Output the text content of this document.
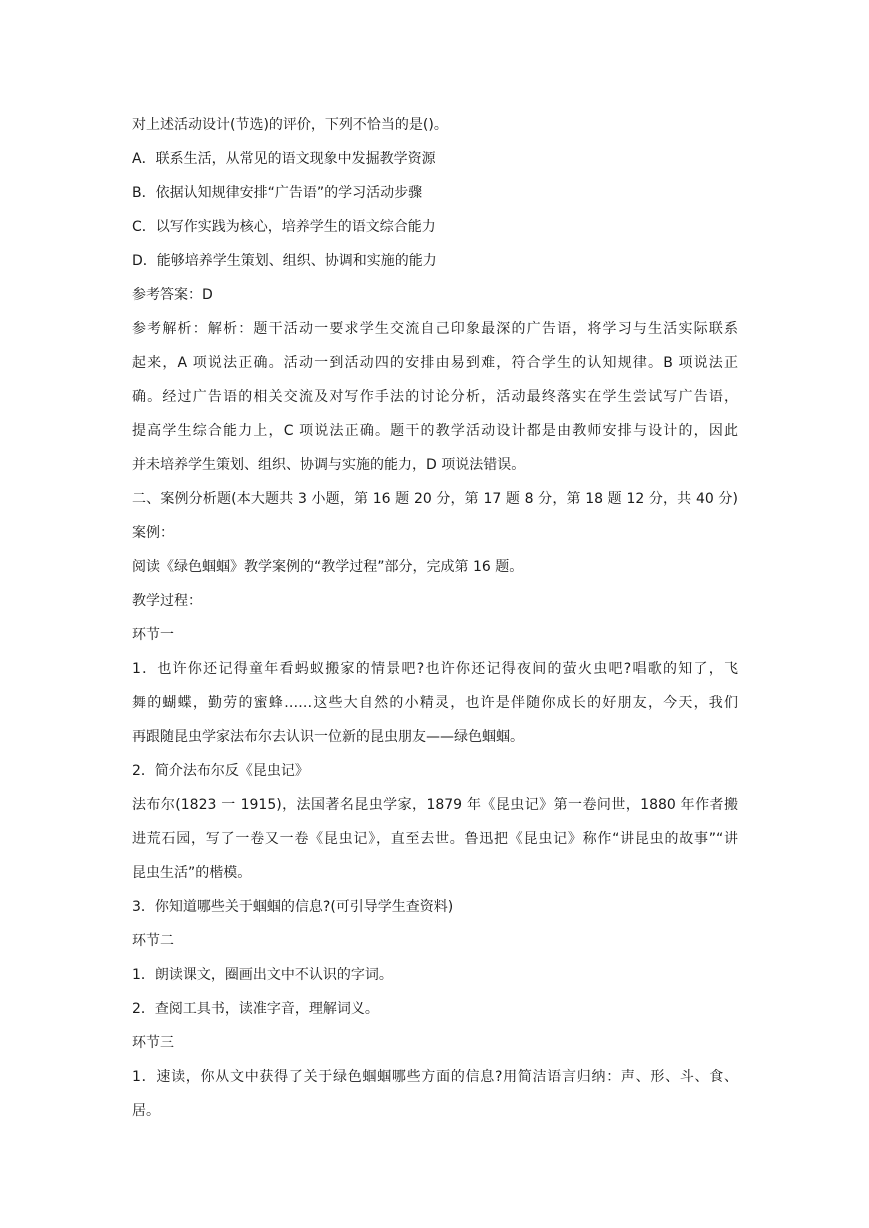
对上述活动设计(节选)的评价，下列不恰当的是()。

A．联系生活，从常见的语文现象中发掘教学资源

B．依据认知规律安排“广告语”的学习活动步骤

C．以写作实践为核心，培养学生的语文综合能力

D．能够培养学生策划、组织、协调和实施的能力

参考答案：D

参考解析：解析：题干活动一要求学生交流自己印象最深的广告语，将学习与生活实际联系

起来，A 项说法正确。活动一到活动四的安排由易到难，符合学生的认知规律。B 项说法正

确。经过广告语的相关交流及对写作手法的讨论分析，活动最终落实在学生尝试写广告语，

提高学生综合能力上，C 项说法正确。题干的教学活动设计都是由教师安排与设计的，因此

并未培养学生策划、组织、协调与实施的能力，D 项说法错误。

二、案例分析题(本大题共 3 小题，第 16 题 20 分，第 17 题 8 分，第 18 题 12 分，共 40 分)

案例：

阅读《绿色蝈蝈》教学案例的“教学过程”部分，完成第 16 题。

教学过程：

环节一

1．也许你还记得童年看蚂蚁搬家的情景吧?也许你还记得夜间的萤火虫吧?唱歌的知了，飞

舞的蝴蝶，勤劳的蜜蜂……这些大自然的小精灵，也许是伴随你成长的好朋友，今天，我们

再跟随昆虫学家法布尔去认识一位新的昆虫朋友——绿色蝈蝈。

2．简介法布尔反《昆虫记》

法布尔(1823 一 1915)，法国著名昆虫学家，1879 年《昆虫记》第一卷问世，1880 年作者搬

进荒石园，写了一卷又一卷《昆虫记》，直至去世。鲁迅把《昆虫记》称作“讲昆虫的故事”“讲

昆虫生活”的楷模。

3．你知道哪些关于蝈蝈的信息?(可引导学生查资料)

环节二

1．朗读课文，圈画出文中不认识的字词。

2．查阅工具书，读准字音，理解词义。

环节三

1．速读，你从文中获得了关于绿色蝈蝈哪些方面的信息?用简洁语言归纳：声、形、斗、食、

居。
